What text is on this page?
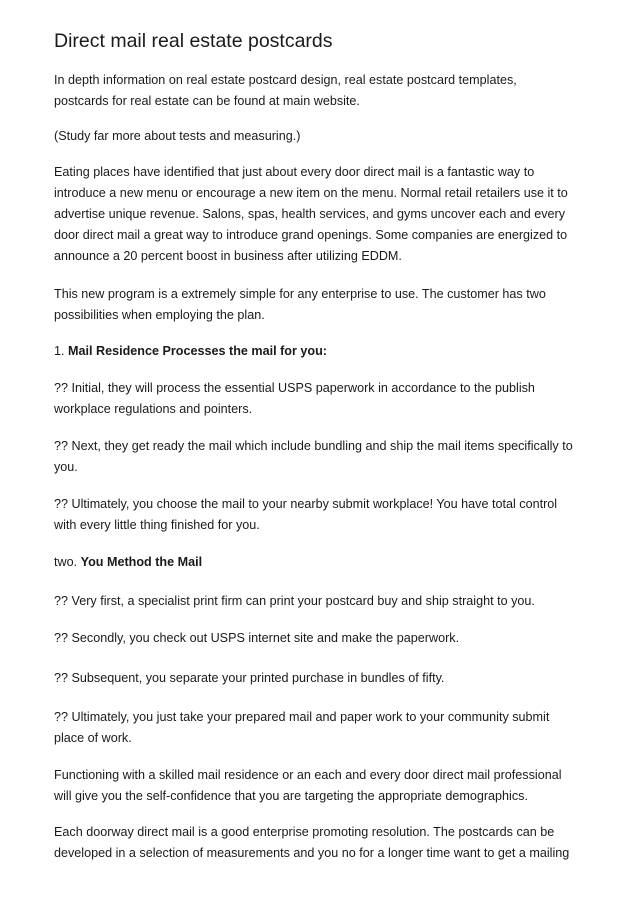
Direct mail real estate postcards

In depth information on real estate postcard design, real estate postcard templates,
postcards for real estate can be found at main website.

(Study far more about tests and measuring.)

Eating places have identified that just about every door direct mail is a fantastic way to
introduce a new menu or encourage a new item on the menu. Normal retail retailers use it to
advertise unique revenue. Salons, spas, health services, and gyms uncover each and every
door direct mail a great way to introduce grand openings. Some companies are energized to
announce a 20 percent boost in business after utilizing EDDM.

This new program is a extremely simple for any enterprise to use. The customer has two
possibilities when employing the plan.

1. Mail Residence Processes the mail for you:

?? Initial, they will process the essential USPS paperwork in accordance to the publish
workplace regulations and pointers.

?? Next, they get ready the mail which include bundling and ship the mail items specifically to
you.

?? Ultimately, you choose the mail to your nearby submit workplace! You have total control
with every little thing finished for you.

two. You Method the Mail

?? Very first, a specialist print firm can print your postcard buy and ship straight to you.

?? Secondly, you check out USPS internet site and make the paperwork.

?? Subsequent, you separate your printed purchase in bundles of fifty.

?? Ultimately, you just take your prepared mail and paper work to your community submit
place of work.

Functioning with a skilled mail residence or an each and every door direct mail professional
will give you the self-confidence that you are targeting the appropriate demographics.

Each doorway direct mail is a good enterprise promoting resolution. The postcards can be
developed in a selection of measurements and you no for a longer time want to get a mailing
